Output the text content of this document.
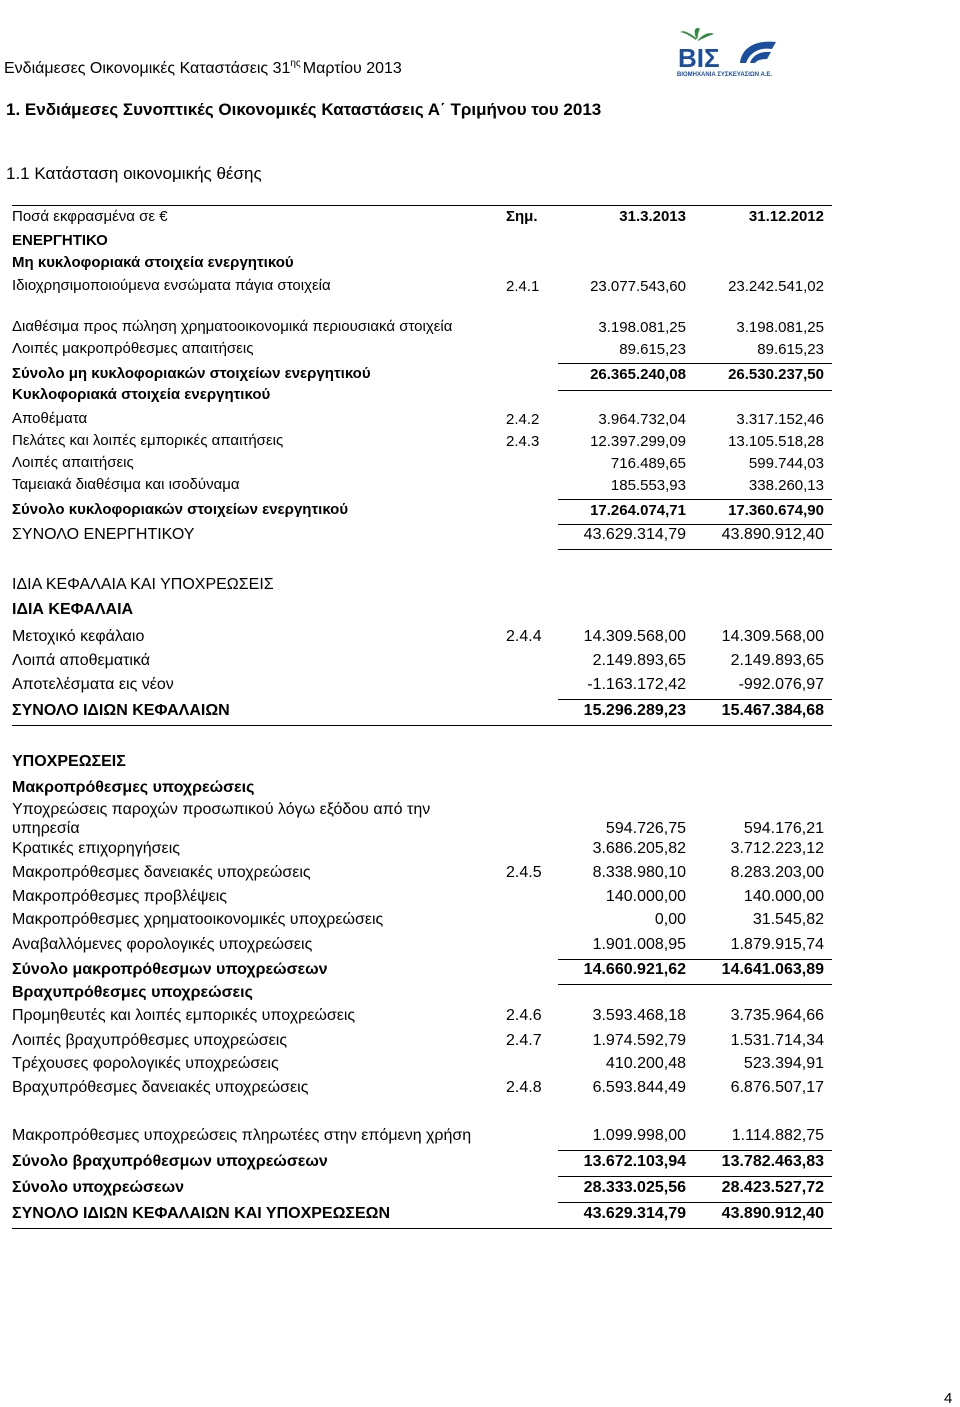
Ενδιάμεσες Οικονομικές Καταστάσεις $31^{\eta\varsigma}$ Μαρτίου 2013	ΒΙΣ
ΒΙΟΜΗΧΑΝΙΑ ΣΥΣΚΕΥΑΣΙΩΝ Α.Ε.
1. Ενδιάμεσες Συνοπτικές Οικονομικές Καταστάσεις Α΄ Τριμήνου του 2013
1.1 Κατάσταση οικονομικής θέσης
Ποσά εκφρασμένα σε €	Σημ.	31.3.2013	31.12.2012
ΕΝΕΡΓΗΤΙΚΟ
Μη κυκλοφοριακά στοιχεία ενεργητικού
Ιδιοχρησιμοποιούμενα ενσώματα πάγια στοιχεία	2.4.1	23.077.543,60	23.242.541,02
Διαθέσιμα προς πώληση χρηματοοικονομικά περιουσιακά στοιχεία	3.198.081,25	3.198.081,25
Λοιπές μακροπρόθεσμες απαιτήσεις	89.615,23	89.615,23
Σύνολο μη κυκλοφοριακών στοιχείων ενεργητικού	26.365.240,08	26.530.237,50
Κυκλοφοριακά στοιχεία ενεργητικού
Αποθέματα	2.4.2	3.964.732,04	3.317.152,46
Πελάτες και λοιπές εμπορικές απαιτήσεις	2.4.3	12.397.299,09	13.105.518,28
Λοιπές απαιτήσεις	716.489,65	599.744,03
Ταμειακά διαθέσιμα και ισοδύναμα	185.553,93	338.260,13
Σύνολο κυκλοφοριακών στοιχείων ενεργητικού	17.264.074,71	17.360.674,90
ΣΥΝΟΛΟ ΕΝΕΡΓΗΤΙΚΟΥ	43.629.314,79 43.890.912,40
ΙΔΙΑ ΚΕΦΑΛΑΙΑ ΚΑΙ ΥΠΟΧΡΕΩΣΕΙΣ
ΙΔΙΑ ΚΕΦΑΛΑΙΑ
Μετοχικό κεφάλαιο	2.4.4	14.309.568,00 14.309.568,00
Λοιπά αποθεματικά	2.149.893,65	2.149.893,65
Αποτελέσματα εις νέον	-1.163.172,42	-992.076,97
ΣΥΝΟΛΟ ΙΔΙΩΝ ΚΕΦΑΛΑΙΩΝ	15.296.289,23 15.467.384,68
ΥΠΟΧΡΕΩΣΕΙΣ
Μακροπρόθεσμες υποχρεώσεις
Υποχρεώσεις παροχών προσωπικού λόγω εξόδου από την υπηρεσία	594.726,75	594.176,21
Κρατικές επιχορηγήσεις	3.686.205,82	3.712.223,12
Μακροπρόθεσμες δανειακές υποχρεώσεις	2.4.5	8.338.980,10	8.283.203,00
Μακροπρόθεσμες προβλέψεις	140.000,00	140.000,00
Μακροπρόθεσμες χρηματοοικονομικές υποχρεώσεις	0,00	31.545,82
Αναβαλλόμενες φορολογικές υποχρεώσεις	1.901.008,95	1.879.915,74
Σύνολο μακροπρόθεσμων υποχρεώσεων	14.660.921,62 14.641.063,89
Βραχυπρόθεσμες υποχρεώσεις
Προμηθευτές και λοιπές εμπορικές υποχρεώσεις	2.4.6	3.593.468,18	3.735.964,66
Λοιπές βραχυπρόθεσμες υποχρεώσεις	2.4.7	1.974.592,79	1.531.714,34
Τρέχουσες φορολογικές υποχρεώσεις	410.200,48	523.394,91
Βραχυπρόθεσμες δανειακές υποχρεώσεις	2.4.8	6.593.844,49	6.876.507,17
Μακροπρόθεσμες υποχρεώσεις πληρωτέες στην επόμενη χρήση	1.099.998,00	1.114.882,75
Σύνολο βραχυπρόθεσμων υποχρεώσεων	13.672.103,94 13.782.463,83
Σύνολο υποχρεώσεων	28.333.025,56 28.423.527,72
ΣΥΝΟΛΟ ΙΔΙΩΝ ΚΕΦΑΛΑΙΩΝ ΚΑΙ ΥΠΟΧΡΕΩΣΕΩΝ	43.629.314,79 43.890.912,40
4
